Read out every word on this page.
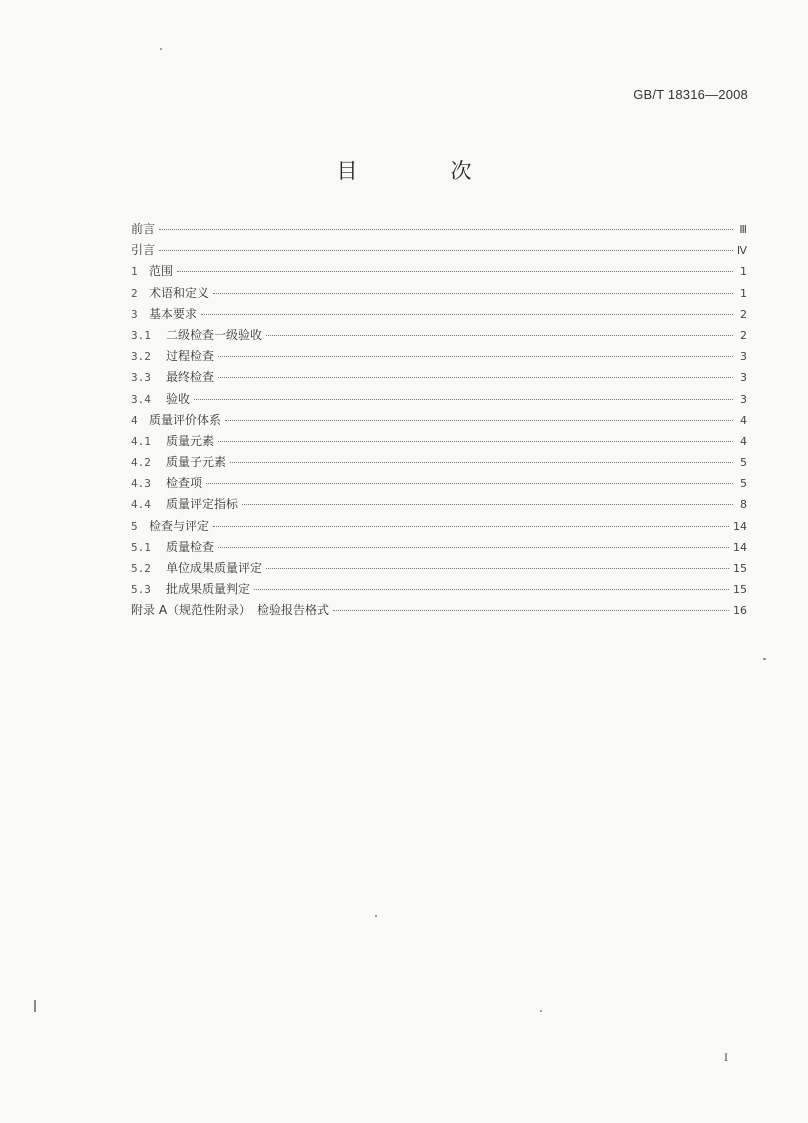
GB/T 18316—2008
目　次
前言	Ⅲ
引言	Ⅳ
1 范围	1
2 术语和定义	1
3 基本要求	2
3.1	二级检查一级验收	2
3.2	过程检查	3
3.3	最终检查	3
3.4	验收	3
4 质量评价体系	4
4.1	质量元素	4
4.2	质量子元素	5
4.3	检查项	5
4.4	质量评定指标	8
5 检查与评定	14
5.1	质量检查	14
5.2	单位成果质量评定	15
5.3	批成果质量判定	15
附录 A（规范性附录）　检验报告格式	16
I
